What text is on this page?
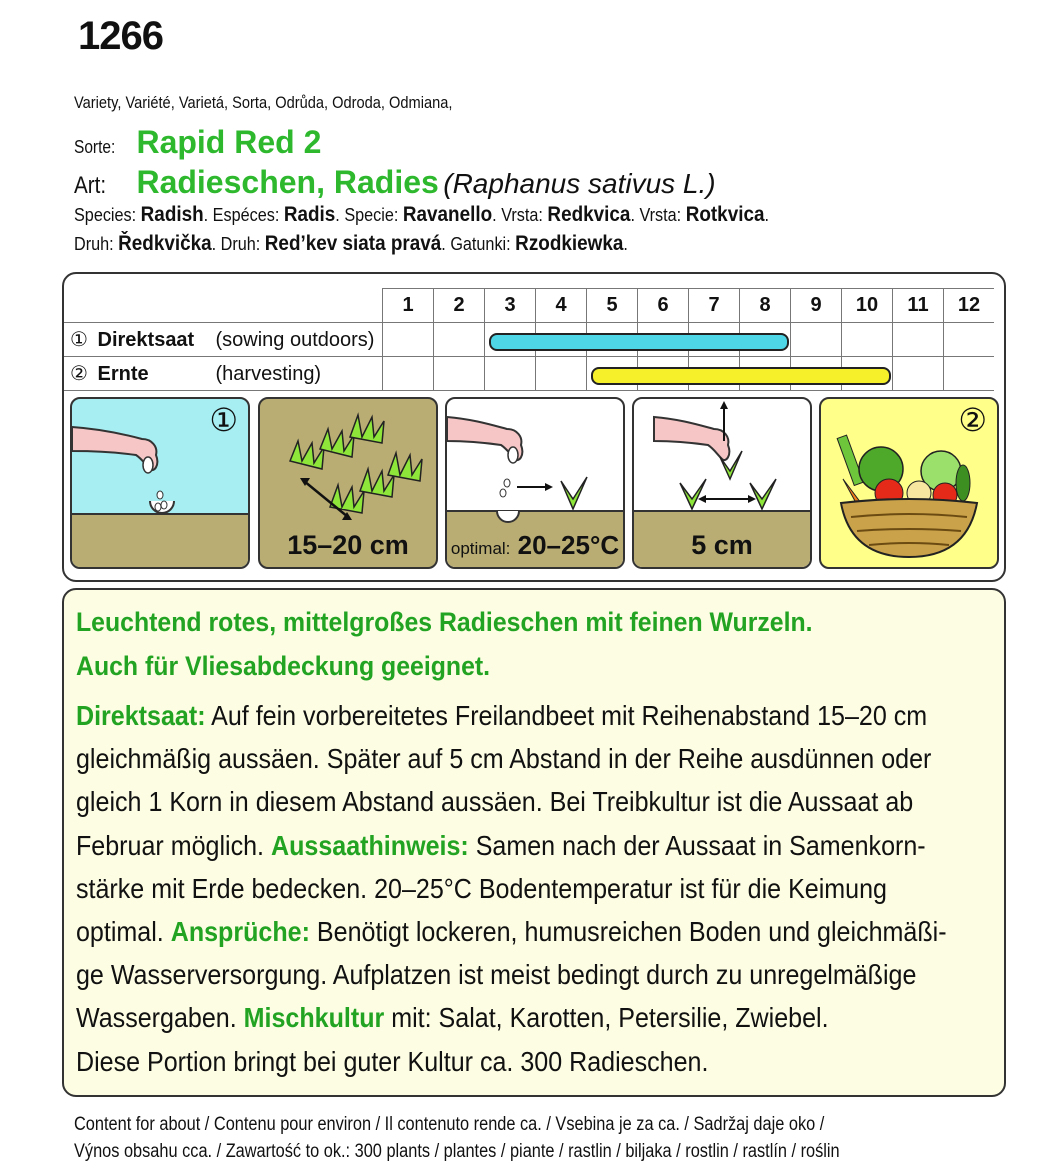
1266
Variety, Variété, Varietá, Sorta, Odrůda, Odroda, Odmiana,
Sorte: Rapid Red 2
Art: Radieschen, Radies (Raphanus sativus L.)
Species: Radish. Espéces: Radis. Specie: Ravanello. Vrsta: Redkvica. Vrsta: Rotkvica.
Druh: Ředkvička. Druh: Red’kev siata pravá. Gatunki: Rzodkiewka.
	1	2	3	4	5	6	7	8	9	10	11	12
① Direktsaat (sowing outdoors)												
② Ernte (harvesting)												
①
15–20 cm	optimal: 20–25°C	5 cm
②
Leuchtend rotes, mittelgroßes Radieschen mit feinen Wurzeln.
Auch für Vliesabdeckung geeignet.
Direktsaat: Auf fein vorbereitetes Freilandbeet mit Reihenabstand 15–20 cm gleichmäßig aussäen. Später auf 5 cm Abstand in der Reihe ausdünnen oder gleich 1 Korn in diesem Abstand aussäen. Bei Treibkultur ist die Aussaat ab Februar möglich. Aussaathinweis: Samen nach der Aussaat in Samenkorn-stärke mit Erde bedecken. 20–25°C Bodentemperatur ist für die Keimung optimal. Ansprüche: Benötigt lockeren, humusreichen Boden und gleichmäßi-ge Wasserversorgung. Aufplatzen ist meist bedingt durch zu unregelmäßige Wassergaben. Mischkultur mit: Salat, Karotten, Petersilie, Zwiebel.
Diese Portion bringt bei guter Kultur ca. 300 Radieschen.
Content for about / Contenu pour environ / Il contenuto rende ca. / Vsebina je za ca. / Sadržaj daje oko /
Výnos obsahu cca. / Zawartość to ok.: 300 plants / plantes / piante / rastlin / biljaka / rostlin / rastlín / roślin
